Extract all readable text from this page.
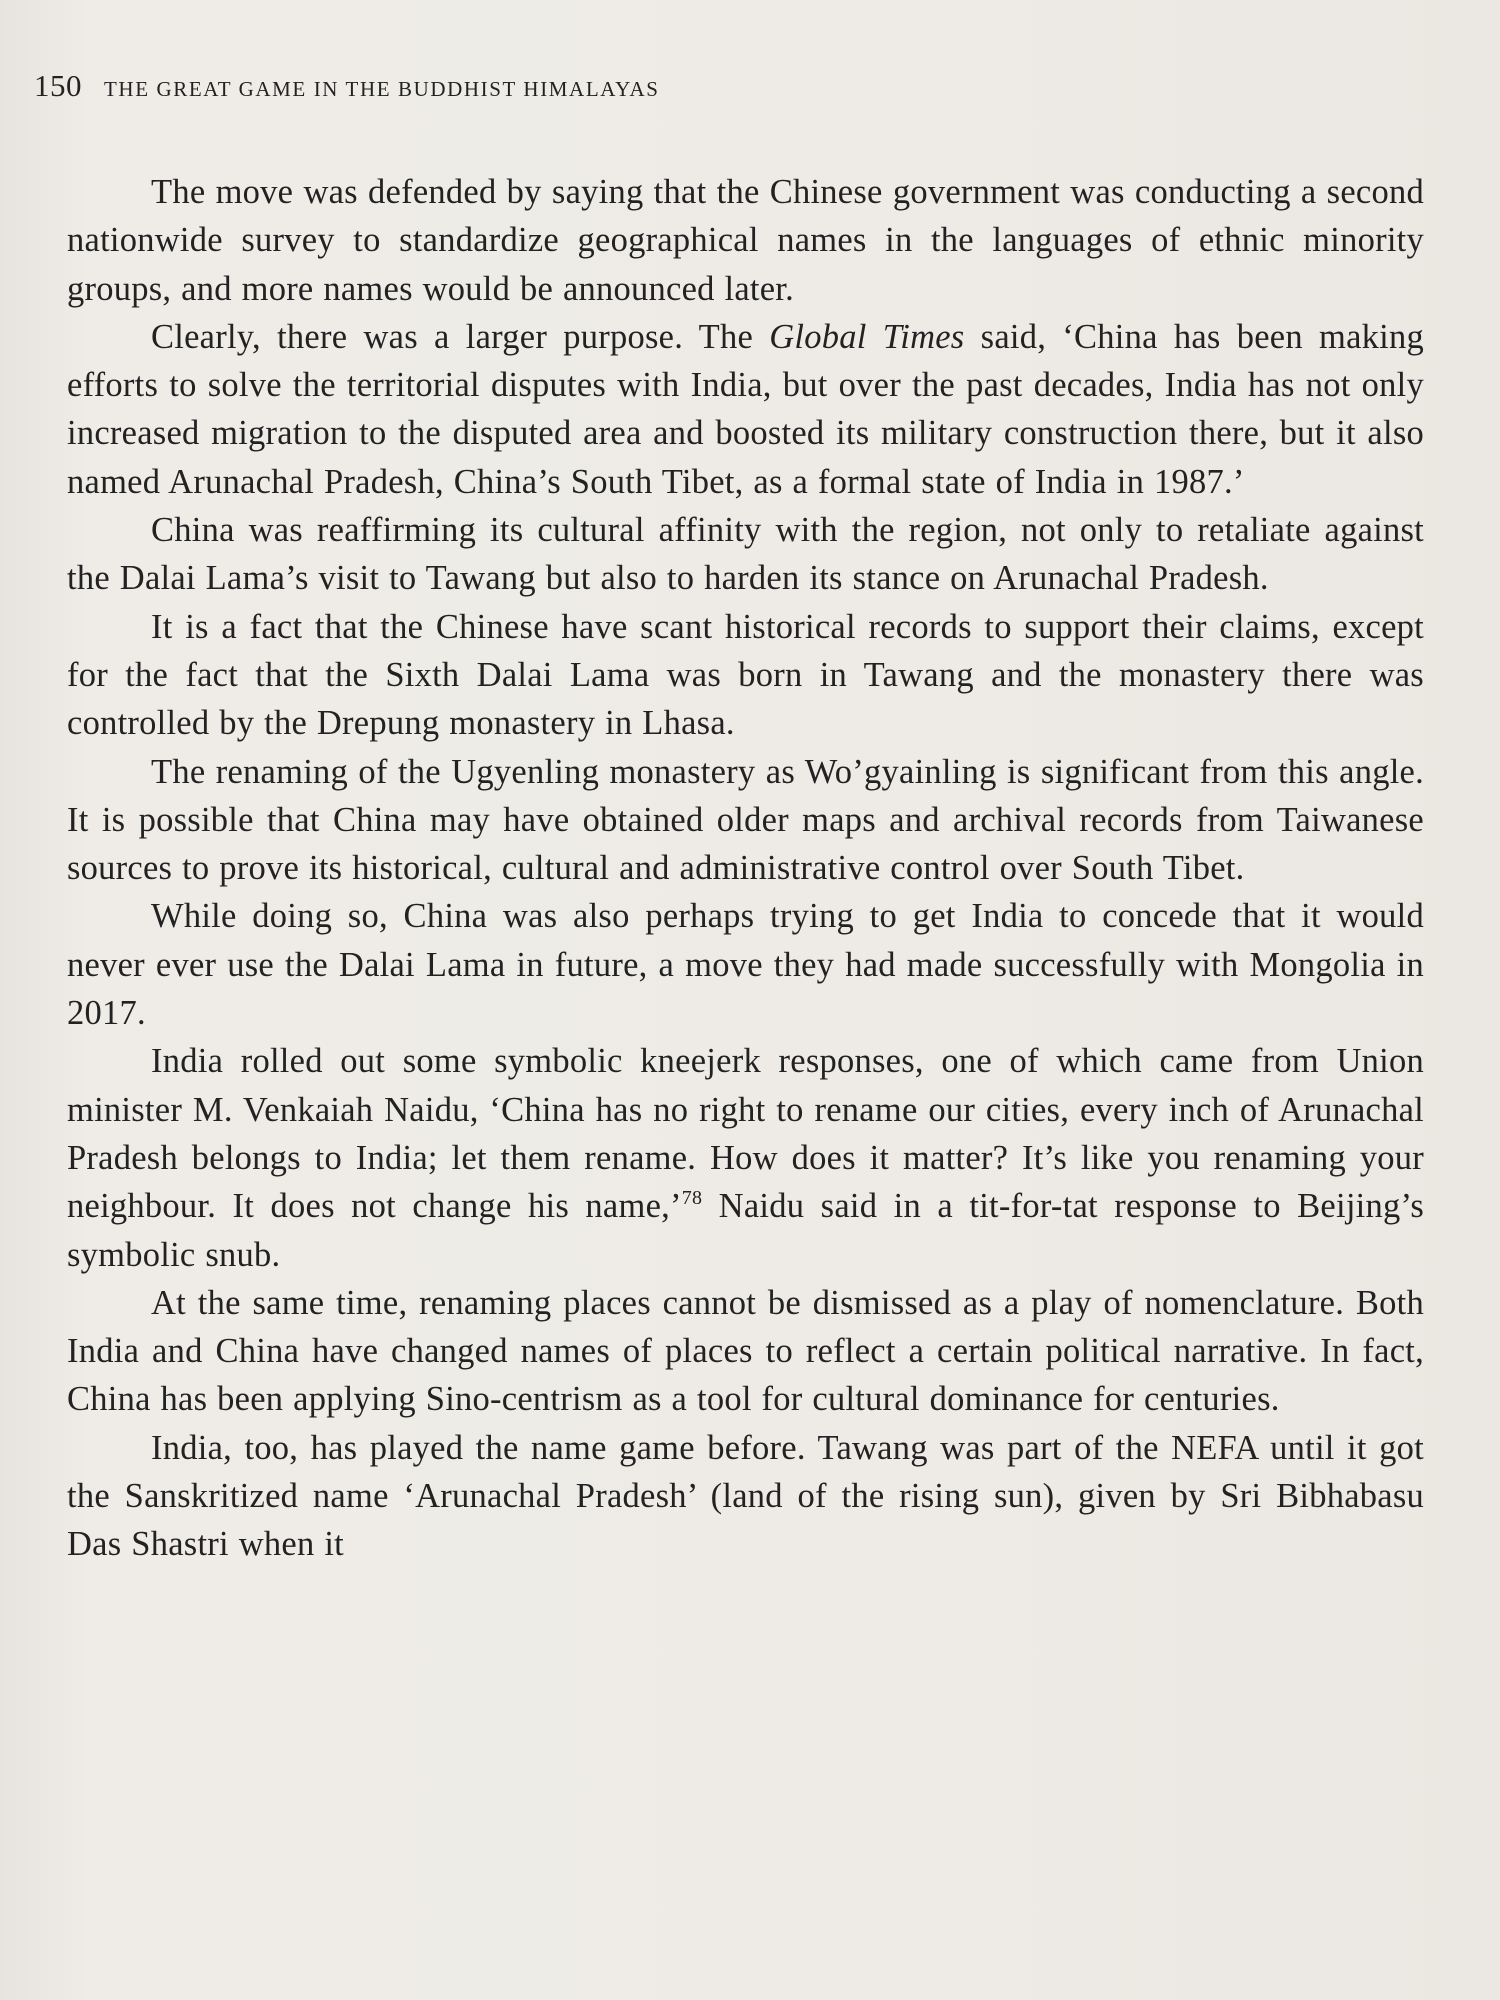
150 THE GREAT GAME IN THE BUDDHIST HIMALAYAS

The move was defended by saying that the Chinese government was conducting a second nationwide survey to standardize geographical names in the languages of ethnic minority groups, and more names would be announced later.

Clearly, there was a larger purpose. The Global Times said, ‘China has been making efforts to solve the territorial disputes with India, but over the past decades, India has not only increased migration to the disputed area and boosted its military construction there, but it also named Arunachal Pradesh, China’s South Tibet, as a formal state of India in 1987.’

China was reaffirming its cultural affinity with the region, not only to retaliate against the Dalai Lama’s visit to Tawang but also to harden its stance on Arunachal Pradesh.

It is a fact that the Chinese have scant historical records to support their claims, except for the fact that the Sixth Dalai Lama was born in Tawang and the monastery there was controlled by the Drepung monastery in Lhasa.

The renaming of the Ugyenling monastery as Wo’gyainling is significant from this angle. It is possible that China may have obtained older maps and archival records from Taiwanese sources to prove its historical, cultural and administrative control over South Tibet.

While doing so, China was also perhaps trying to get India to concede that it would never ever use the Dalai Lama in future, a move they had made successfully with Mongolia in 2017.

India rolled out some symbolic kneejerk responses, one of which came from Union minister M. Venkaiah Naidu, ‘China has no right to rename our cities, every inch of Arunachal Pradesh belongs to India; let them rename. How does it matter? It’s like you renaming your neighbour. It does not change his name,’$^{78}$ Naidu said in a tit-for-tat response to Beijing’s symbolic snub.

At the same time, renaming places cannot be dismissed as a play of nomenclature. Both India and China have changed names of places to reflect a certain political narrative. In fact, China has been applying Sino-centrism as a tool for cultural dominance for centuries.

India, too, has played the name game before. Tawang was part of the NEFA until it got the Sanskritized name ‘Arunachal Pradesh’ (land of the rising sun), given by Sri Bibhabasu Das Shastri when it
